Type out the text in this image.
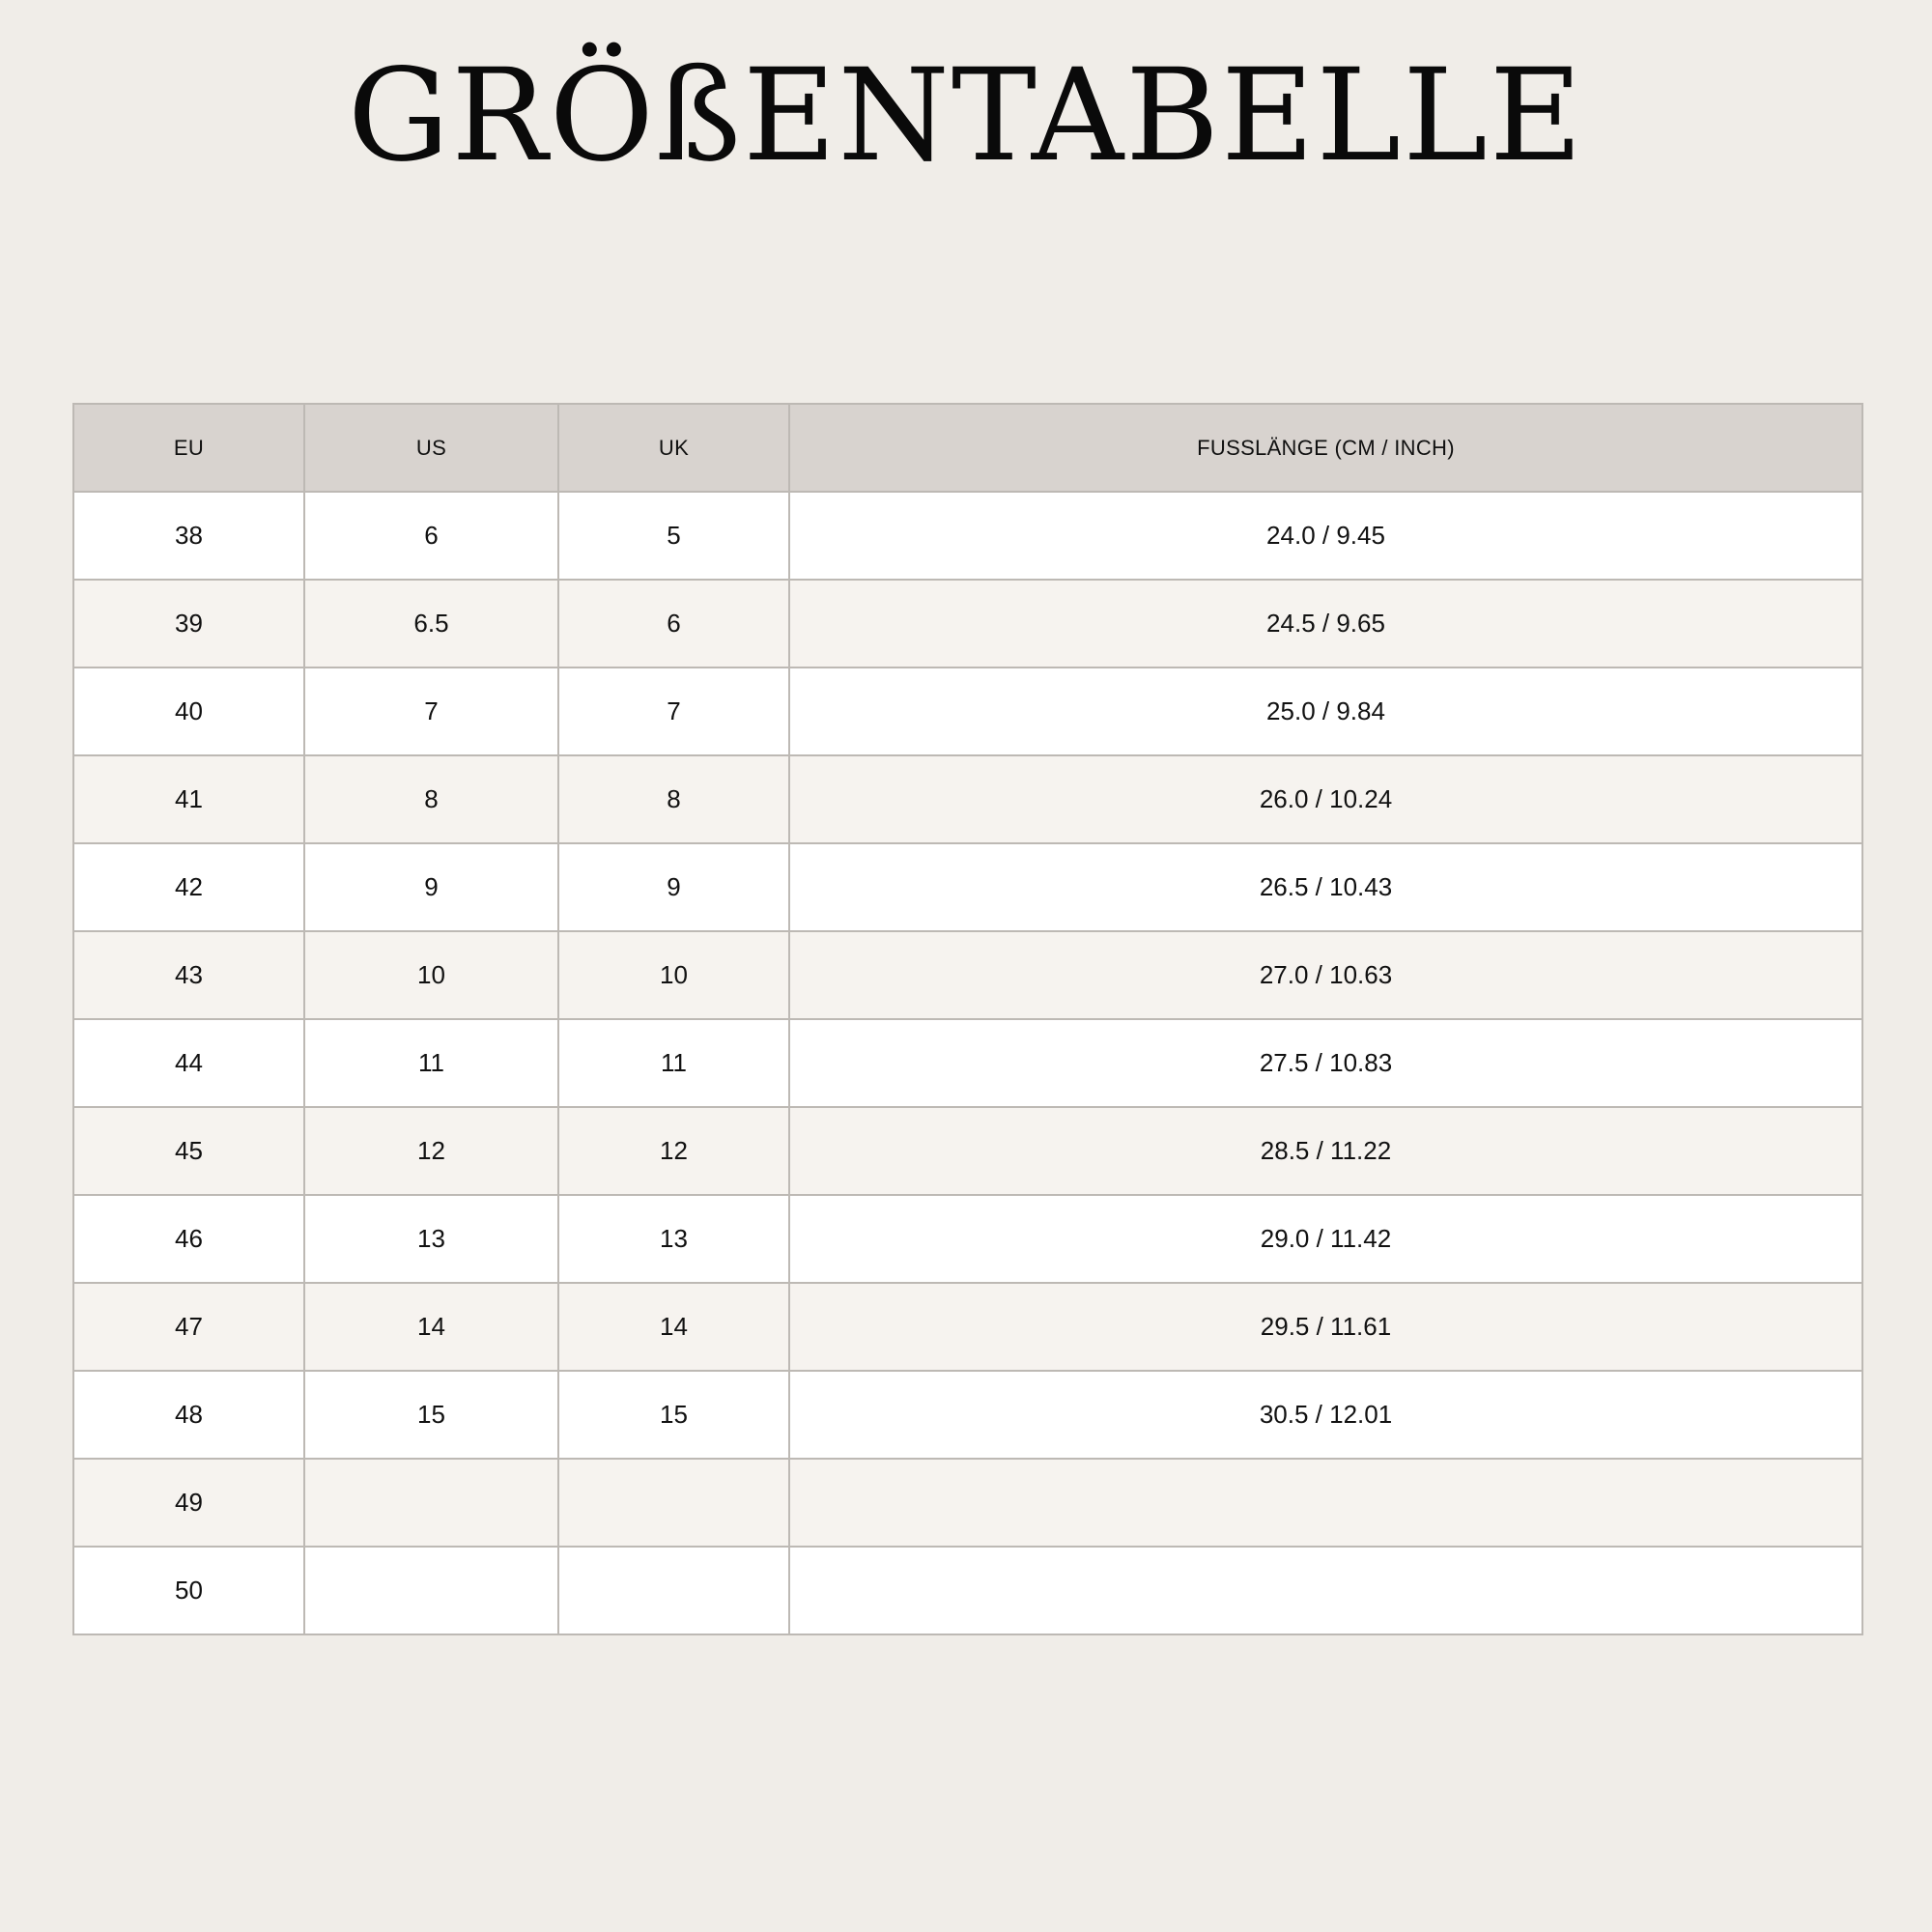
GRÖßENTABELLE
EU	US	UK	FUSSLÄNGE (CM / INCH)
38	6	5	24.0 / 9.45
39	6.5	6	24.5 / 9.65
40	7	7	25.0 / 9.84
41	8	8	26.0 / 10.24
42	9	9	26.5 / 10.43
43	10	10	27.0 / 10.63
44	11	11	27.5 / 10.83
45	12	12	28.5 / 11.22
46	13	13	29.0 / 11.42
47	14	14	29.5 / 11.61
48	15	15	30.5 / 12.01
49			
50			
